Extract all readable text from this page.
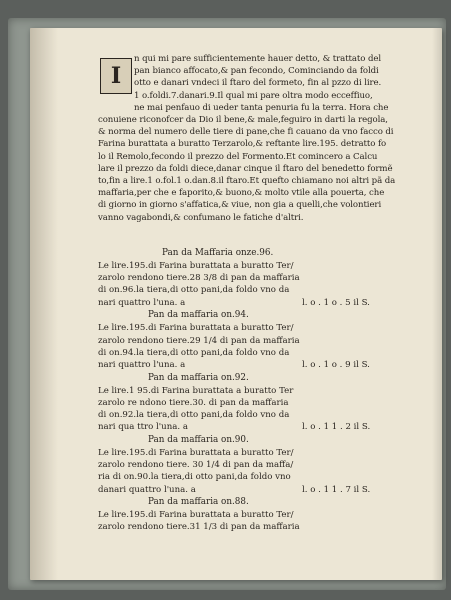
I
n qui mi pare sufficientemente hauer detto, & trattato del
pan bianco affocato,& pan fecondo, Cominciando da foldi
otto e danari vndeci il ftaro del formeto, fin al pzzo di lire.
1 o.foldi.7.danari.9.Il qual mi pare oltra modo ecceffiuo,
ne mai penfauo di ueder tanta penuria fu la terra. Hora che
conuiene riconofcer da Dio il bene,& male,feguiro in darti la regola,
& norma del numero delle tiere di pane,che fi cauano da vno facco di
Farina burattata a buratto Terzarolo,& reftante lire.195. detratto fo
lo il Remolo,fecondo il prezzo del Formento.Et comincero a Calcu
lare il prezzo da foldi diece,danar cinque il ftaro del benedetto formẽ
to,fin a lire.1 o.fol.1 o.dan.8.il ftaro.Et quefto chiamano noi altri pã da
maffaria,per che e faporito,& buono,& molto vtile alla pouerta, che
di giorno in giorno s'affatica,& viue, non gia a quelli,che volontieri
vanno vagabondi,& confumano le fatiche d'altri.
Pan da Maffaria onze.96.
Le lire.195.di Farina burattata a buratto Ter/
zarolo rendono tiere.28 3/8 di pan da maffaria
di on.96.la tiera,di otto pani,da foldo vno da
nari quattro l'una. a	l. o . 1 o . 5 il S.
Pan da maffaria on.94.
Le lire.195.di Farina burattata a buratto Ter/
zarolo rendono tiere.29 1/4 di pan da maffaria
di on.94.la tiera,di otto pani,da foldo vno da
nari quattro l'una. a	l. o . 1 o . 9 il S.
Pan da maffaria on.92.
Le lire.1 95.di Farina burattata a buratto Ter
zarolo re ndono tiere.30. di pan da maffaria
di on.92.la tiera,di otto pani,da foldo vno da
nari qua ttro l'una. a	l. o . 1 1 . 2 il S.
Pan da maffaria on.90.
Le lire.195.di Farina burattata a buratto Ter/
zarolo rendono tiere. 30 1/4 di pan da maffa/
ria di on.90.la tiera,di otto pani,da foldo vno
danari quattro l'una. a	l. o . 1 1 . 7 il S.
Pan da maffaria on.88.
Le lire.195.di Farina burattata a buratto Ter/
zarolo rendono tiere.31 1/3 di pan da maffaria
